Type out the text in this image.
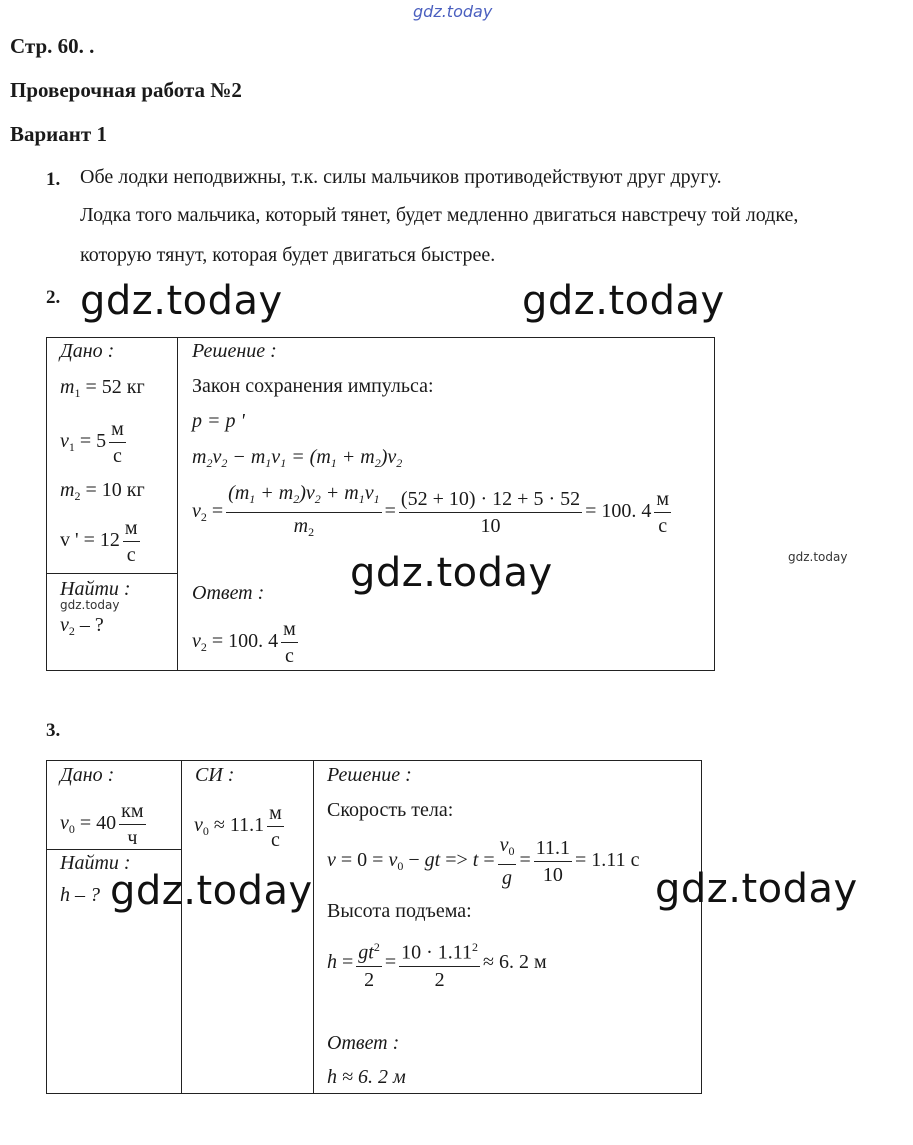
gdz.today
Стр. 60. .
Проверочная работа №2
Вариант 1
1. Обе лодки неподвижны, т.к. силы мальчиков противодействуют друг другу.
Лодка того мальчика, который тянет, будет медленно двигаться навстречу той лодке,
которую тянут, которая будет двигаться быстрее.
2. gdz.today	gdz.today
Дано :
$m_1 = 52$ кг
$v_1 = 5$
м
с
$m_2 = 10$ кг
v ' = 12
м
с
Найти :
gdz.today
$v_2$ – ?
Решение :
Закон сохранения импульса:
p = p '
$m_2v_2 - m_1v_1 = (m_1 + m_2)v_2$
$v_2 = \frac{(m_1 + m_2)v_2 + m_1v_1}{m_2} = \frac{(52 + 10) \cdot 12 + 5 \cdot 52}{10} = 100$. 4
м
с
gdz.today	gdz.today
Ответ :
$v_2 = 100$. 4
м
с
3.
Дано :
$v_0 = 40$
км
ч
Найти :
h – ? gdz.today
СИ :
$v_0 \approx 11.1$
м
с
Решение :
Скорость тела:
$v = 0 = v_0$ − gt => $t = \frac{v_0}{g} = \frac{11.1}{10} = 1.11$ с
gdz.today
Высота подъема:
$h = \frac{gt^2}{2} = \frac{10 \cdot 1.11^2}{2} \approx 6$. 2 м
Ответ :
h ≈ 6. 2 м
